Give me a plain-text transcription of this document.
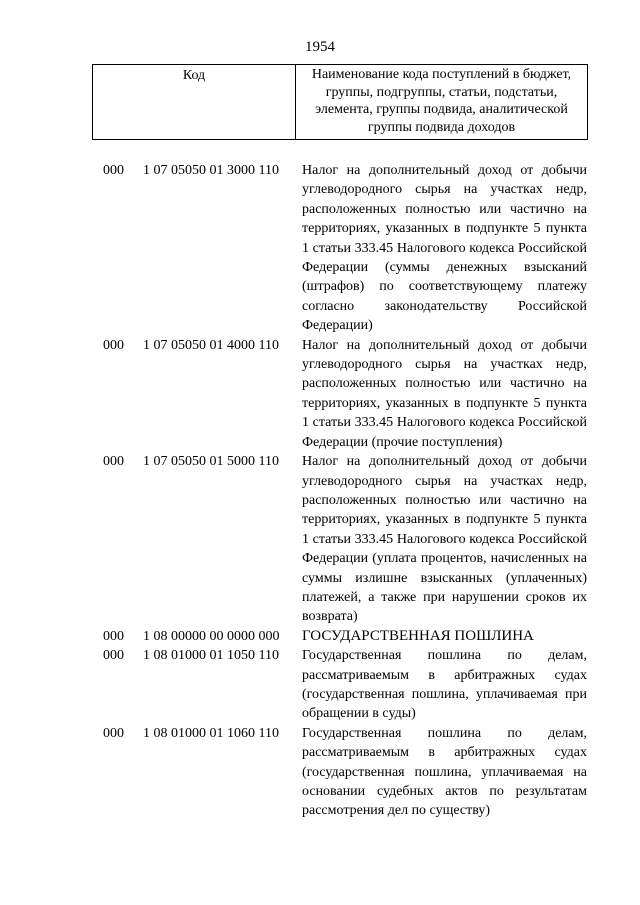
1954
Код	Наименование кода поступлений в бюджет, группы, подгруппы, статьи, подстатьи, элемента, группы подвида, аналитической группы подвида доходов
000 1 07 05050 01 3000 110 Налог на дополнительный доход от добычи углеводородного сырья на участках недр, расположенных полностью или частично на территориях, указанных в подпункте 5 пункта 1 статьи 333.45 Налогового кодекса Российской Федерации (суммы денежных взысканий (штрафов) по соответствующему платежу согласно законодательству Российской Федерации)
000 1 07 05050 01 4000 110 Налог на дополнительный доход от добычи углеводородного сырья на участках недр, расположенных полностью или частично на территориях, указанных в подпункте 5 пункта 1 статьи 333.45 Налогового кодекса Российской Федерации (прочие поступления)
000 1 07 05050 01 5000 110 Налог на дополнительный доход от добычи углеводородного сырья на участках недр, расположенных полностью или частично на территориях, указанных в подпункте 5 пункта 1 статьи 333.45 Налогового кодекса Российской Федерации (уплата процентов, начисленных на суммы излишне взысканных (уплаченных) платежей, а также при нарушении сроков их возврата)
000 1 08 00000 00 0000 000 ГОСУДАРСТВЕННАЯ ПОШЛИНА
000 1 08 01000 01 1050 110 Государственная пошлина по делам, рассматриваемым в арбитражных судах (государственная пошлина, уплачиваемая при обращении в суды)
000 1 08 01000 01 1060 110 Государственная пошлина по делам, рассматриваемым в арбитражных судах (государственная пошлина, уплачиваемая на основании судебных актов по результатам рассмотрения дел по существу)
